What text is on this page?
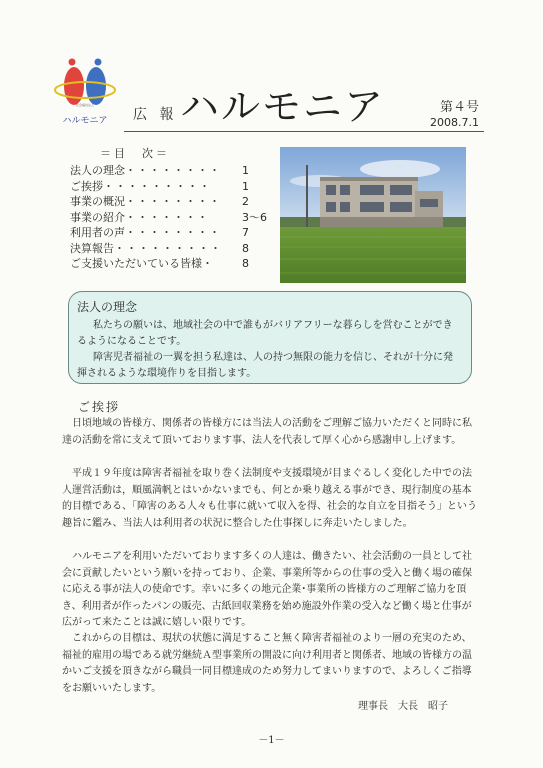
社会福祉法人
ハルモニア	広 報 ハルモニア	第４号
2008.7.1
＝目　次＝
法人の理念 ・・・・・・・・	1
ご挨拶 ・・・・・・・・・	1
事業の概況 ・・・・・・・・	2
事業の紹介 ・・・・・・・	3～6
利用者の声 ・・・・・・・・	7
決算報告 ・・・・・・・・・	8
ご支援いただいている皆様 ・	8
法人の理念

私たちの願いは、地域社会の中で誰もがバリアフリーな暮らしを営むことができるようになることです。

障害児者福祉の一翼を担う私達は、人の持つ無限の能力を信じ、それが十分に発揮されるような環境作りを目指します。

ご挨拶

日頃地域の皆様方、関係者の皆様方には当法人の活動をご理解ご協力いただくと同時に私達の活動を常に支えて頂いております事、法人を代表して厚く心から感謝申し上げます。

平成１９年度は障害者福祉を取り巻く法制度や支援環境が目まぐるしく変化した中での法人運営活動は，順風満帆とはいかないまでも、何とか乗り越える事ができ、現行制度の基本的目標である、「障害のある人々も仕事に就いて収入を得、社会的な自立を目指そう」という趣旨に鑑み、当法人は利用者の状況に整合した仕事探しに奔走いたしました。

ハルモニアを利用いただいております多くの人達は、働きたい、社会活動の一員として社会に貢献したいという願いを持っており、企業、事業所等からの仕事の受入と働く場の確保に応える事が法人の使命です。幸いに多くの地元企業･事業所の皆様方のご理解ご協力を頂き、利用者が作ったパンの販売、古紙回収業務を始め施設外作業の受入など働く場と仕事が広がって来たことは誠に嬉しい限りです。

これからの目標は、現状の状態に満足すること無く障害者福祉のより一層の充実のため、福祉的雇用の場である就労継続Ａ型事業所の開設に向け利用者と関係者、地域の皆様方の温かいご支援を頂きながら職員一同目標達成のため努力してまいりますので、よろしくご指導をお願いいたします。

理事長　大長　昭子
－1－
